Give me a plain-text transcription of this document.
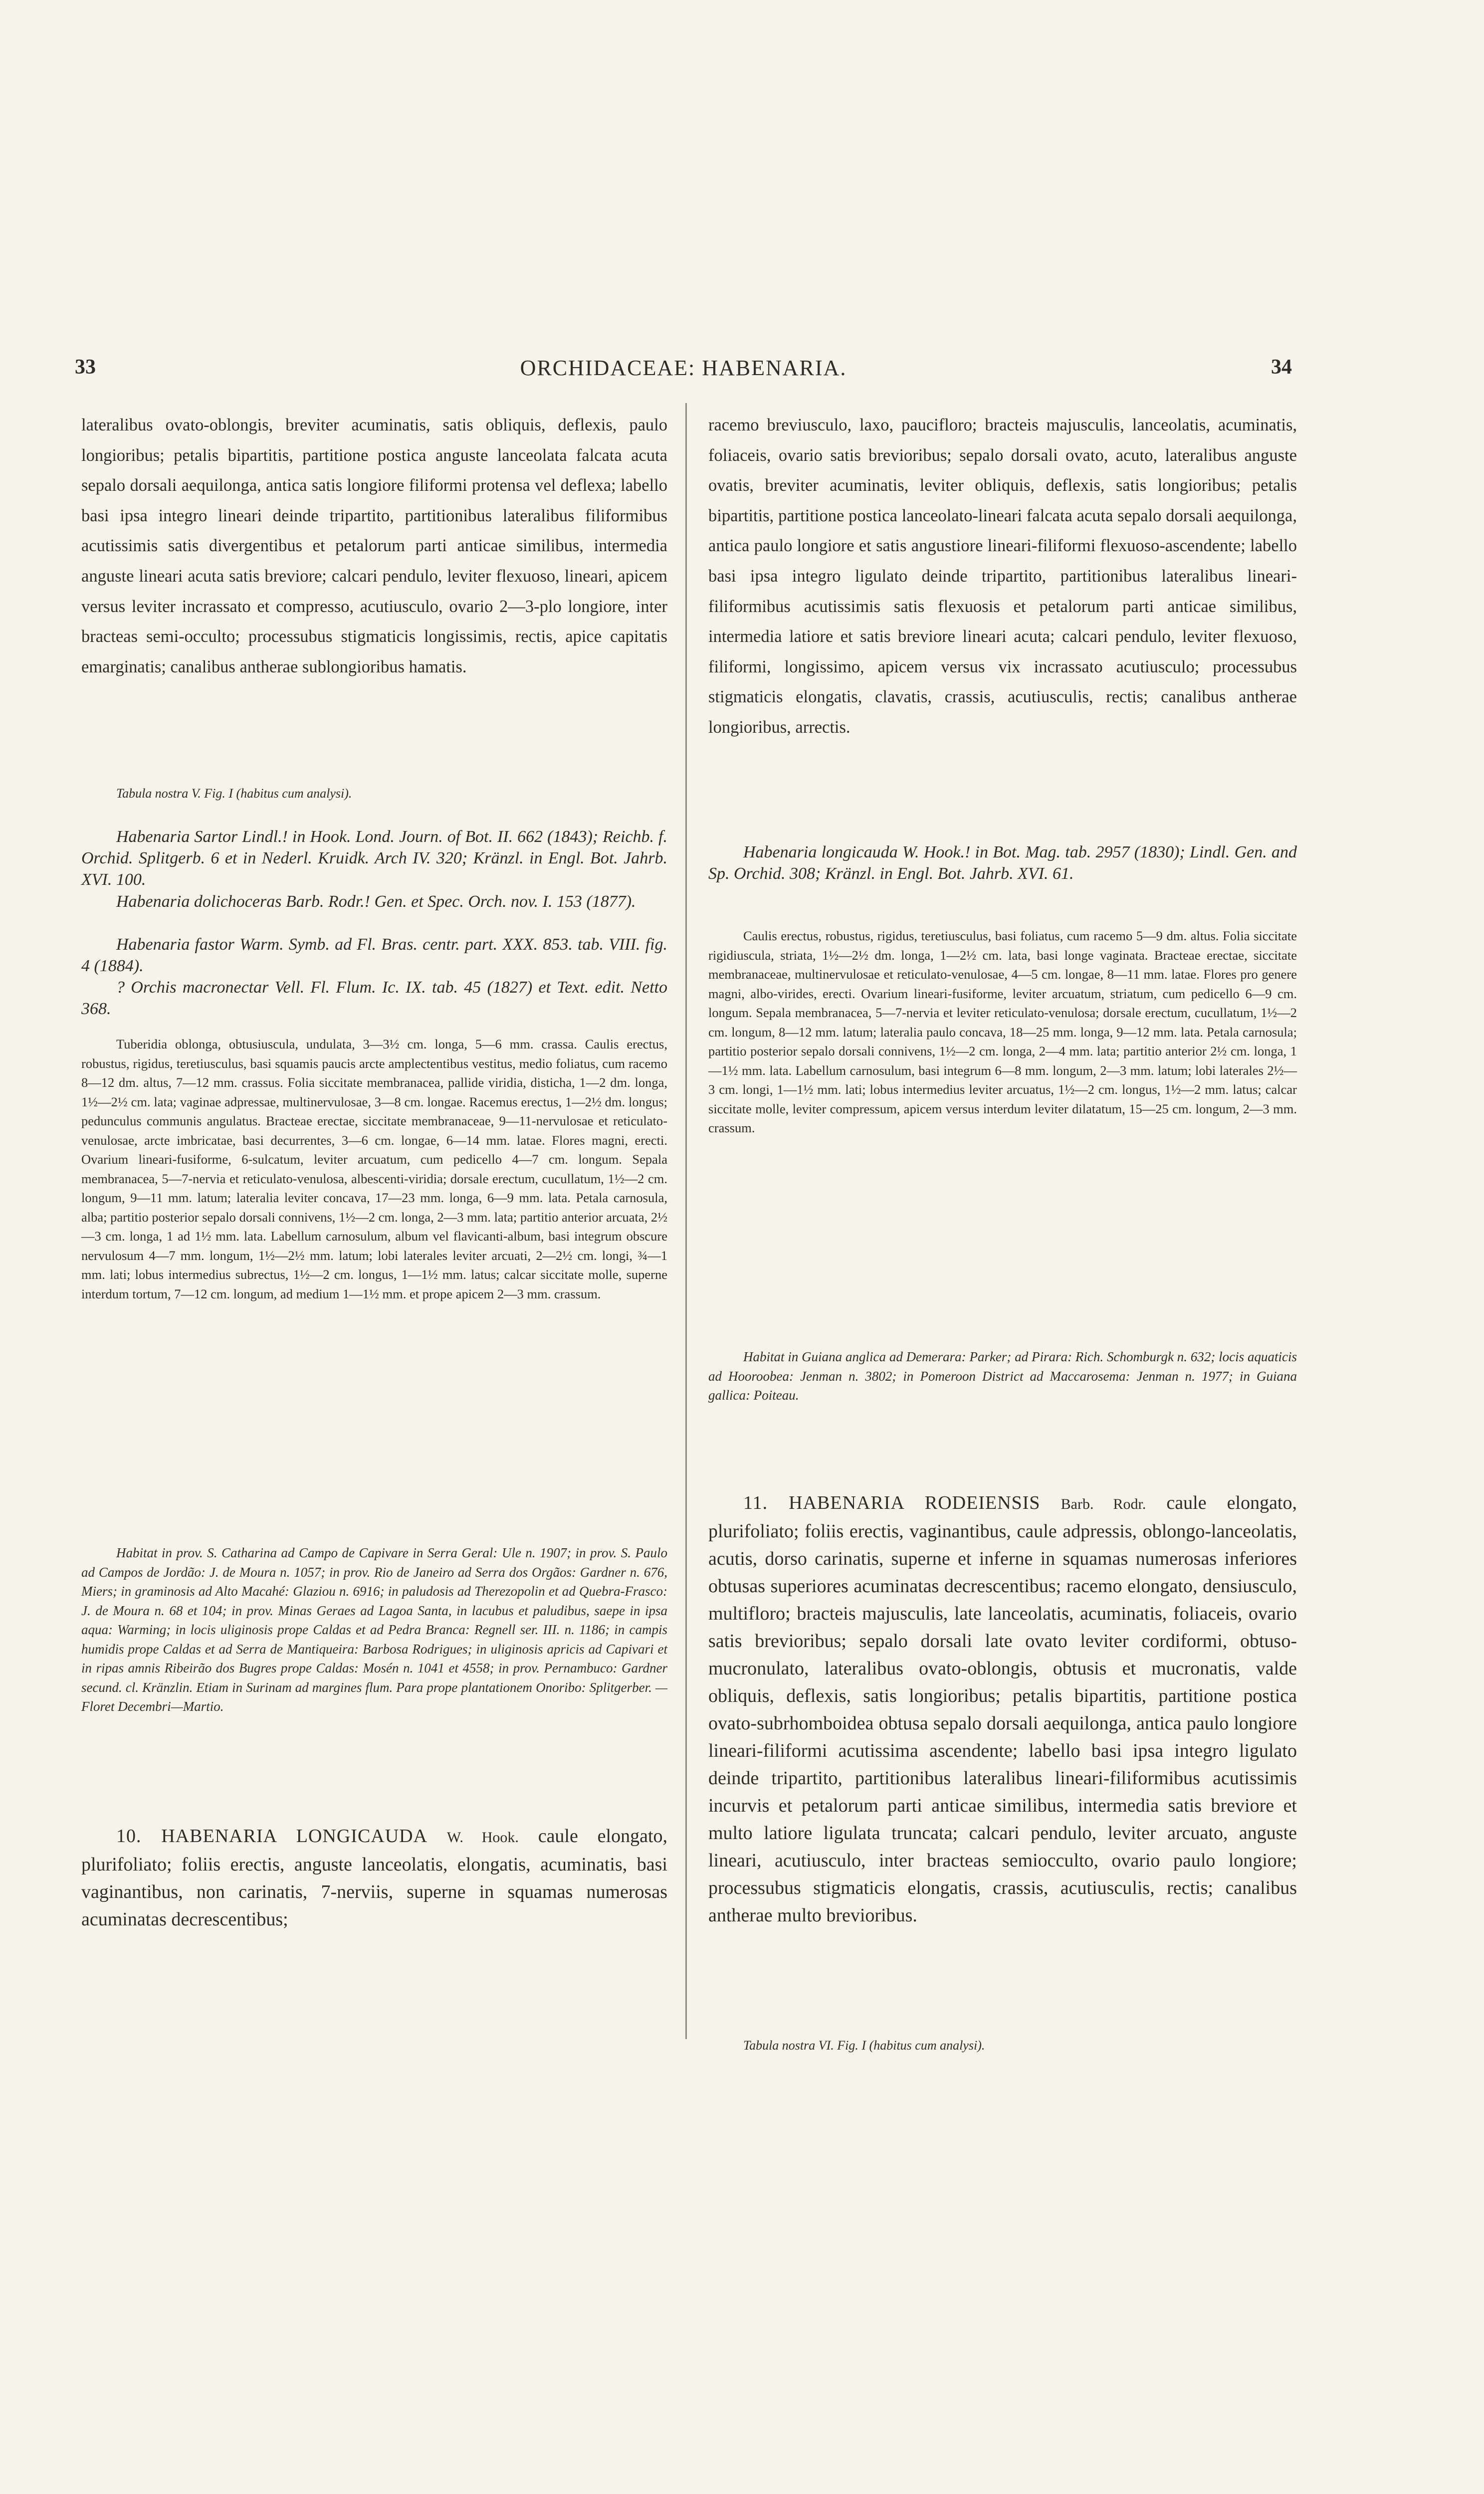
33	ORCHIDACEAE: HABENARIA.	34

lateralibus ovato-oblongis, breviter acuminatis, satis obliquis, deflexis, paulo longioribus; petalis bipartitis, partitione postica anguste lanceolata falcata acuta sepalo dorsali aequilonga, antica satis longiore filiformi protensa vel deflexa; labello basi ipsa integro lineari deinde tripartito, partitionibus lateralibus filiformibus acutissimis satis divergentibus et petalorum parti anticae similibus, intermedia anguste lineari acuta satis breviore; calcari pendulo, leviter flexuoso, lineari, apicem versus leviter incrassato et compresso, acutiusculo, ovario 2—3-plo longiore, inter bracteas semi-occulto; processubus stigmaticis longissimis, rectis, apice capitatis emarginatis; canalibus antherae sublongioribus hamatis.

Tabula nostra V. Fig. I (habitus cum analysi).

Habenaria Sartor Lindl.! in Hook. Lond. Journ. of Bot. II. 662 (1843); Reichb. f. Orchid. Splitgerb. 6 et in Nederl. Kruidk. Arch IV. 320; Kränzl. in Engl. Bot. Jahrb. XVI. 100.

Habenaria dolichoceras Barb. Rodr.! Gen. et Spec. Orch. nov. I. 153 (1877).

Habenaria fastor Warm. Symb. ad Fl. Bras. centr. part. XXX. 853. tab. VIII. fig. 4 (1884).

? Orchis macronectar Vell. Fl. Flum. Ic. IX. tab. 45 (1827) et Text. edit. Netto 368.

Tuberidia oblonga, obtusiuscula, undulata, 3—3½ cm. longa, 5—6 mm. crassa. Caulis erectus, robustus, rigidus, teretiusculus, basi squamis paucis arcte amplectentibus vestitus, medio foliatus, cum racemo 8—12 dm. altus, 7—12 mm. crassus. Folia siccitate membranacea, pallide viridia, disticha, 1—2 dm. longa, 1½—2½ cm. lata; vaginae adpressae, multinervulosae, 3—8 cm. longae. Racemus erectus, 1—2½ dm. longus; pedunculus communis angulatus. Bracteae erectae, siccitate membranaceae, 9—11-nervulosae et reticulato-venulosae, arcte imbricatae, basi decurrentes, 3—6 cm. longae, 6—14 mm. latae. Flores magni, erecti. Ovarium lineari-fusiforme, 6-sulcatum, leviter arcuatum, cum pedicello 4—7 cm. longum. Sepala membranacea, 5—7-nervia et reticulato-venulosa, albescenti-viridia; dorsale erectum, cucullatum, 1½—2 cm. longum, 9—11 mm. latum; lateralia leviter concava, 17—23 mm. longa, 6—9 mm. lata. Petala carnosula, alba; partitio posterior sepalo dorsali connivens, 1½—2 cm. longa, 2—3 mm. lata; partitio anterior arcuata, 2½—3 cm. longa, 1 ad 1½ mm. lata. Labellum carnosulum, album vel flavicanti-album, basi integrum obscure nervulosum 4—7 mm. longum, 1½—2½ mm. latum; lobi laterales leviter arcuati, 2—2½ cm. longi, ¾—1 mm. lati; lobus intermedius subrectus, 1½—2 cm. longus, 1—1½ mm. latus; calcar siccitate molle, superne interdum tortum, 7—12 cm. longum, ad medium 1—1½ mm. et prope apicem 2—3 mm. crassum.

Habitat in prov. S. Catharina ad Campo de Capivare in Serra Geral: Ule n. 1907; in prov. S. Paulo ad Campos de Jordão: J. de Moura n. 1057; in prov. Rio de Janeiro ad Serra dos Orgãos: Gardner n. 676, Miers; in graminosis ad Alto Macahé: Glaziou n. 6916; in paludosis ad Therezopolin et ad Quebra-Frasco: J. de Moura n. 68 et 104; in prov. Minas Geraes ad Lagoa Santa, in lacubus et paludibus, saepe in ipsa aqua: Warming; in locis uliginosis prope Caldas et ad Pedra Branca: Regnell ser. III. n. 1186; in campis humidis prope Caldas et ad Serra de Mantiqueira: Barbosa Rodrigues; in uliginosis apricis ad Capivari et in ripas amnis Ribeirão dos Bugres prope Caldas: Mosén n. 1041 et 4558; in prov. Pernambuco: Gardner secund. cl. Kränzlin. Etiam in Surinam ad margines flum. Para prope plantationem Onoribo: Splitgerber. — Floret Decembri—Martio.

10. HABENARIA LONGICAUDA W. Hook. caule elongato, plurifoliato; foliis erectis, anguste lanceolatis, elongatis, acuminatis, basi vaginantibus, non carinatis, 7-nerviis, superne in squamas numerosas acuminatas decrescentibus;

racemo breviusculo, laxo, paucifloro; bracteis majusculis, lanceolatis, acuminatis, foliaceis, ovario satis brevioribus; sepalo dorsali ovato, acuto, lateralibus anguste ovatis, breviter acuminatis, leviter obliquis, deflexis, satis longioribus; petalis bipartitis, partitione postica lanceolato-lineari falcata acuta sepalo dorsali aequilonga, antica paulo longiore et satis angustiore lineari-filiformi flexuoso-ascendente; labello basi ipsa integro ligulato deinde tripartito, partitionibus lateralibus lineari-filiformibus acutissimis satis flexuosis et petalorum parti anticae similibus, intermedia latiore et satis breviore lineari acuta; calcari pendulo, leviter flexuoso, filiformi, longissimo, apicem versus vix incrassato acutiusculo; processubus stigmaticis elongatis, clavatis, crassis, acutiusculis, rectis; canalibus antherae longioribus, arrectis.

Habenaria longicauda W. Hook.! in Bot. Mag. tab. 2957 (1830); Lindl. Gen. and Sp. Orchid. 308; Kränzl. in Engl. Bot. Jahrb. XVI. 61.

Caulis erectus, robustus, rigidus, teretiusculus, basi foliatus, cum racemo 5—9 dm. altus. Folia siccitate rigidiuscula, striata, 1½—2½ dm. longa, 1—2½ cm. lata, basi longe vaginata. Bracteae erectae, siccitate membranaceae, multinervulosae et reticulato-venulosae, 4—5 cm. longae, 8—11 mm. latae. Flores pro genere magni, albo-virides, erecti. Ovarium lineari-fusiforme, leviter arcuatum, striatum, cum pedicello 6—9 cm. longum. Sepala membranacea, 5—7-nervia et leviter reticulato-venulosa; dorsale erectum, cucullatum, 1½—2 cm. longum, 8—12 mm. latum; lateralia paulo concava, 18—25 mm. longa, 9—12 mm. lata. Petala carnosula; partitio posterior sepalo dorsali connivens, 1½—2 cm. longa, 2—4 mm. lata; partitio anterior 2½ cm. longa, 1—1½ mm. lata. Labellum carnosulum, basi integrum 6—8 mm. longum, 2—3 mm. latum; lobi laterales 2½—3 cm. longi, 1—1½ mm. lati; lobus intermedius leviter arcuatus, 1½—2 cm. longus, 1½—2 mm. latus; calcar siccitate molle, leviter compressum, apicem versus interdum leviter dilatatum, 15—25 cm. longum, 2—3 mm. crassum.

Habitat in Guiana anglica ad Demerara: Parker; ad Pirara: Rich. Schomburgk n. 632; locis aquaticis ad Hooroobea: Jenman n. 3802; in Pomeroon District ad Maccarosema: Jenman n. 1977; in Guiana gallica: Poiteau.

11. HABENARIA RODEIENSIS Barb. Rodr. caule elongato, plurifoliato; foliis erectis, vaginantibus, caule adpressis, oblongo-lanceolatis, acutis, dorso carinatis, superne et inferne in squamas numerosas inferiores obtusas superiores acuminatas decrescentibus; racemo elongato, densiusculo, multifloro; bracteis majusculis, late lanceolatis, acuminatis, foliaceis, ovario satis brevioribus; sepalo dorsali late ovato leviter cordiformi, obtuso-mucronulato, lateralibus ovato-oblongis, obtusis et mucronatis, valde obliquis, deflexis, satis longioribus; petalis bipartitis, partitione postica ovato-subrhomboidea obtusa sepalo dorsali aequilonga, antica paulo longiore lineari-filiformi acutissima ascendente; labello basi ipsa integro ligulato deinde tripartito, partitionibus lateralibus lineari-filiformibus acutissimis incurvis et petalorum parti anticae similibus, intermedia satis breviore et multo latiore ligulata truncata; calcari pendulo, leviter arcuato, anguste lineari, acutiusculo, inter bracteas semiocculto, ovario paulo longiore; processubus stigmaticis elongatis, crassis, acutiusculis, rectis; canalibus antherae multo brevioribus.

Tabula nostra VI. Fig. I (habitus cum analysi).
